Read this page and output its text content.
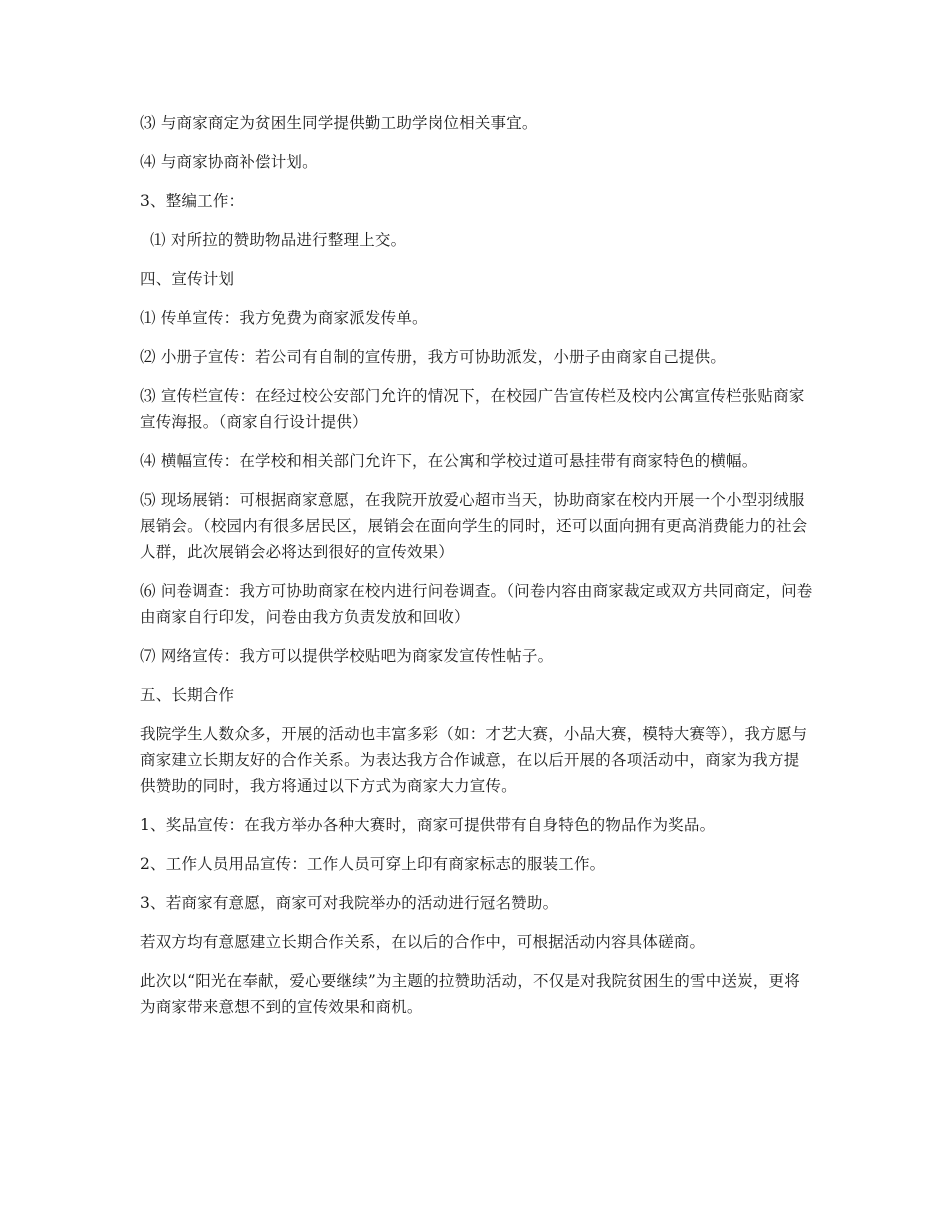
⑶ 与商家商定为贫困生同学提供勤工助学岗位相关事宜。

⑷ 与商家协商补偿计划。

3、整编工作：

⑴ 对所拉的赞助物品进行整理上交。

四、宣传计划

⑴ 传单宣传：我方免费为商家派发传单。

⑵ 小册子宣传：若公司有自制的宣传册，我方可协助派发，小册子由商家自己提供。

⑶ 宣传栏宣传：在经过校公安部门允许的情况下，在校园广告宣传栏及校内公寓宣传栏张贴商家宣传海报。（商家自行设计提供）

⑷ 横幅宣传：在学校和相关部门允许下，在公寓和学校过道可悬挂带有商家特色的横幅。

⑸ 现场展销：可根据商家意愿，在我院开放爱心超市当天，协助商家在校内开展一个小型羽绒服展销会。（校园内有很多居民区，展销会在面向学生的同时，还可以面向拥有更高消费能力的社会人群，此次展销会必将达到很好的宣传效果）

⑹ 问卷调查：我方可协助商家在校内进行问卷调查。（问卷内容由商家裁定或双方共同商定，问卷由商家自行印发，问卷由我方负责发放和回收）

⑺ 网络宣传：我方可以提供学校贴吧为商家发宣传性帖子。

五、长期合作

我院学生人数众多，开展的活动也丰富多彩（如：才艺大赛，小品大赛，模特大赛等），我方愿与商家建立长期友好的合作关系。为表达我方合作诚意，在以后开展的各项活动中，商家为我方提供赞助的同时，我方将通过以下方式为商家大力宣传。

1、奖品宣传：在我方举办各种大赛时，商家可提供带有自身特色的物品作为奖品。

2、工作人员用品宣传：工作人员可穿上印有商家标志的服装工作。

3、若商家有意愿，商家可对我院举办的活动进行冠名赞助。

若双方均有意愿建立长期合作关系，在以后的合作中，可根据活动内容具体磋商。

此次以“阳光在奉献，爱心要继续”为主题的拉赞助活动，不仅是对我院贫困生的雪中送炭，更将为商家带来意想不到的宣传效果和商机。
